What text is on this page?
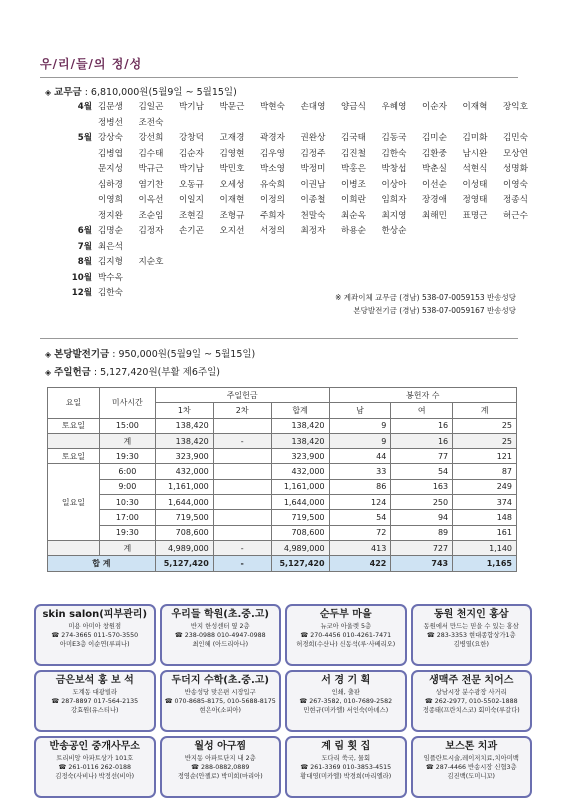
우/리/들/의 정/성
◈ 교무금 : 6,810,000원(5월9일 ~ 5월15일)
4월 김문생	김일곤	박기남	박문근	박현숙	손대영	양금식	우혜영	이순자	이재혁	장익호
정병선	조전숙
5월 강상숙	강선희	강창덕	고재경	곽경자	권완상	김국태	김동국	김미순	김미화	김민숙
김병엽	김수태	김순자	김영현	김우영	김정주	김진철	김한숙	김환중	남시완	모상연
문지성	박규근	박기남	박민호	박소영	박정미	박홍은	박창섭	박춘실	석현식	성명화
심하경	염기찬	오동규	오세성	유숙희	이권남	이병조	이상아	이선순	이성태	이영숙
이영희	이옥선	이일지	이재현	이정의	이종철	이희란	임희자	장경애	정영태	정종식
정지완	조순임	조현길	조형규	주희자	천말숙	최순옥	최지영	최해민	표명근	허근수
6월 김명순	김정자	손기곤	오지선	서정의	최정자	하용순	한상순
7월 최은석
8월 김지형	지순호
10월 박수옥
12월 김한숙	※ 계좌이체 교무금 (경남) 538-07-0059153 반송성당
본당발전기금 (경남) 538-07-0059167 반송성당
◈ 본당발전기금 : 950,000원(5월9일 ~ 5월15일)
◈ 주일헌금 : 5,127,420원(부활 제6주일)
요일	미사시간	주일헌금			봉헌자 수		
		1차	2차	합계	남	여	계
토요일	15:00	138,420		138,420	9	16	25
	계	138,420	-	138,420	9	16	25
토요일	19:30	323,900		323,900	44	77	121
일요일	6:00	432,000		432,000	33	54	87
	9:00	1,161,000		1,161,000	86	163	249
	10:30	1,644,000		1,644,000	124	250	374
	17:00	719,500		719,500	54	94	148
	19:30	708,600		708,600	72	89	161
	계	4,989,000	-	4,989,000	413	727	1,140
합 계		5,127,420	-	5,127,420	422	743	1,165
skin salon(피부관리)
미용 아미아 창원점
☎ 274-3665 011-570-3550
아미E3층 이순연(루피나)
우리들 학원(초.중.고)
반지 한성센터 옆 2층
☎ 238-0988 010-4947-0988
최인혜 (아드리아나)
순두부 마을
뉴코아 아울렛 5층
☎ 270-4456 010-4261-7471
허경희(수산나) 신동석(루·사베리오)
동원 천지인 홍삼
동원에서 만드는 믿을 수 있는 홍삼
☎ 283-3353 현대종합상가1층
김병열(요한)
금은보석 홍 보 석
도계동 대광빌라
☎ 287-8897 017-564-2135
강효원(유스티나)
두더지 수학(초.중.고)
반송성당 맞은편 시장입구
☎ 070-8685-8175, 010-5688-8175
현은아(소피아)
서 경 기 획
인쇄, 출판
☎ 267-3582, 010-7689-2582
민현규(미카엘) 서인숙(아녜스)
생맥주 전문 치어스
상남시장 분수광장 사거리
☎ 262-2977, 010-5502-1888
정종태(프란치스코) 회미숙(루갈다)
반송공인 중개사무소
트리비앙 아파트상가 101호
☎ 261-0116 262-0188
김정숙(사비나) 박정선(비아)
월성 아구찜
반지동 아파트단지 내 2층
☎ 288-0882,0889
정영순(안젤로) 박미희(마리아)
계 림 횟 집
도다리 쑥국, 물회
☎ 261-3369 010-3853-4515
황대영(미카엘) 박경희(마리엘라)
보스톤 치과
임플란트시술,레이저치료,치아미백
☎ 287-4466 반송시장 신협3층
김진백(도미니꼬)
